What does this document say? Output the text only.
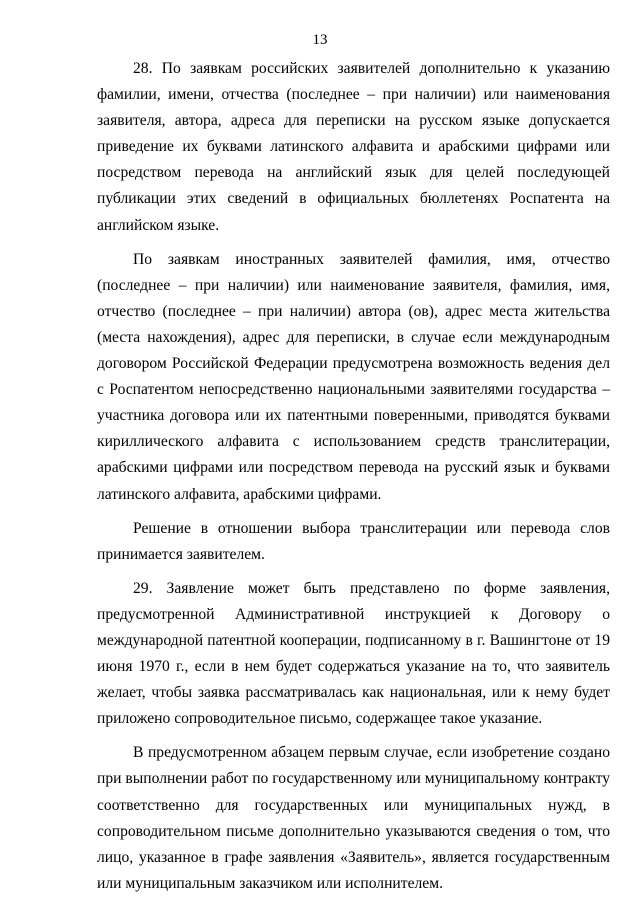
13

28. По заявкам российских заявителей дополнительно к указанию фамилии, имени, отчества (последнее – при наличии) или наименования заявителя, автора, адреса для переписки на русском языке допускается приведение их буквами латинского алфавита и арабскими цифрами или посредством перевода на английский язык для целей последующей публикации этих сведений в официальных бюллетенях Роспатента на английском языке.

По заявкам иностранных заявителей фамилия, имя, отчество (последнее – при наличии) или наименование заявителя, фамилия, имя, отчество (последнее – при наличии) автора (ов), адрес места жительства (места нахождения), адрес для переписки, в случае если международным договором Российской Федерации предусмотрена возможность ведения дел с Роспатентом непосредственно национальными заявителями государства – участника договора или их патентными поверенными, приводятся буквами кириллического алфавита с использованием средств транслитерации, арабскими цифрами или посредством перевода на русский язык и буквами латинского алфавита, арабскими цифрами.

Решение в отношении выбора транслитерации или перевода слов принимается заявителем.

29. Заявление может быть представлено по форме заявления, предусмотренной Административной инструкцией к Договору о международной патентной кооперации, подписанному в г. Вашингтоне от 19 июня 1970 г., если в нем будет содержаться указание на то, что заявитель желает, чтобы заявка рассматривалась как национальная, или к нему будет приложено сопроводительное письмо, содержащее такое указание.

В предусмотренном абзацем первым случае, если изобретение создано при выполнении работ по государственному или муниципальному контракту соответственно для государственных или муниципальных нужд, в сопроводительном письме дополнительно указываются сведения о том, что лицо, указанное в графе заявления «Заявитель», является государственным или муниципальным заказчиком или исполнителем.
